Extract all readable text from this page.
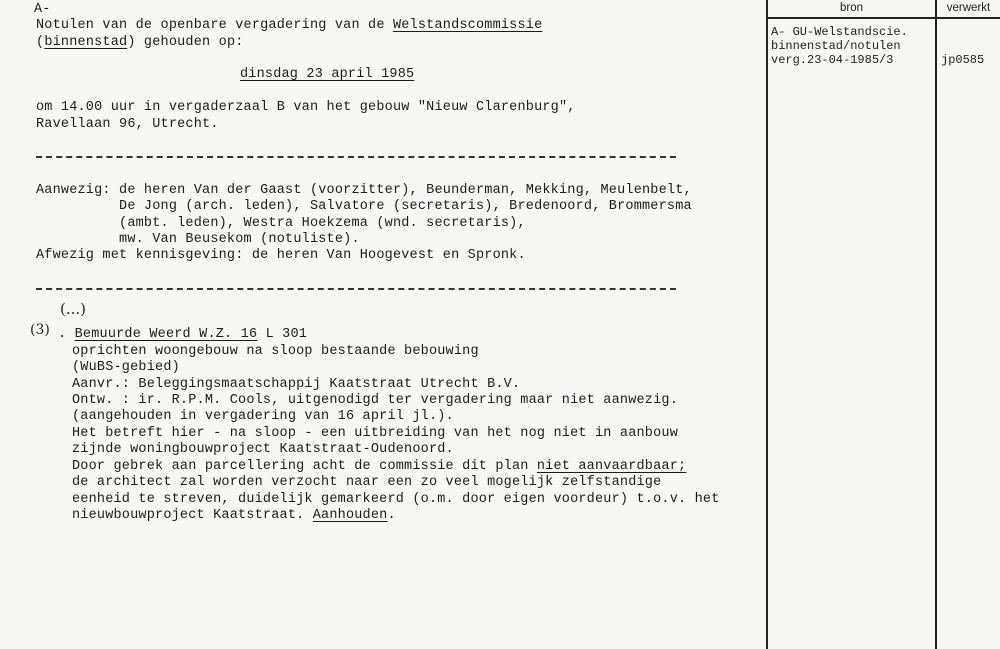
A-
Notulen van de openbare vergadering van de Welstandscommissie
(binnenstad) gehouden op:
dinsdag 23 april 1985
om 14.00 uur in vergaderzaal B van het gebouw "Nieuw Clarenburg",
Ravellaan 96, Utrecht.
Aanwezig: de heren Van der Gaast (voorzitter), Beunderman, Mekking, Meulenbelt,
De Jong (arch. leden), Salvatore (secretaris), Bredenoord, Brommersma
(ambt. leden), Westra Hoekzema (wnd. secretaris),
mw. Van Beusekom (notuliste).
Afwezig met kennisgeving: de heren Van Hoogevest en Spronk.
(...)
(3) . Bemuurde Weerd W.Z. 16 L 301
oprichten woongebouw na sloop bestaande bebouwing
(WuBS-gebied)
Aanvr.: Beleggingsmaatschappij Kaatstraat Utrecht B.V.
Ontw. : ir. R.P.M. Cools, uitgenodigd ter vergadering maar niet aanwezig.
(aangehouden in vergadering van 16 april jl.).
Het betreft hier - na sloop - een uitbreiding van het nog niet in aanbouw
zijnde woningbouwproject Kaatstraat-Oudenoord.
Door gebrek aan parcellering acht de commissie dit plan niet aanvaardbaar;
de architect zal worden verzocht naar een zo veel mogelijk zelfstandige
eenheid te streven, duidelijk gemarkeerd (o.m. door eigen voordeur) t.o.v. het
nieuwbouwproject Kaatstraat. Aanhouden.
bron	verwerkt
A- GU-Welstandscie.
binnenstad/notulen
verg.23-04-1985/3	jp0585
